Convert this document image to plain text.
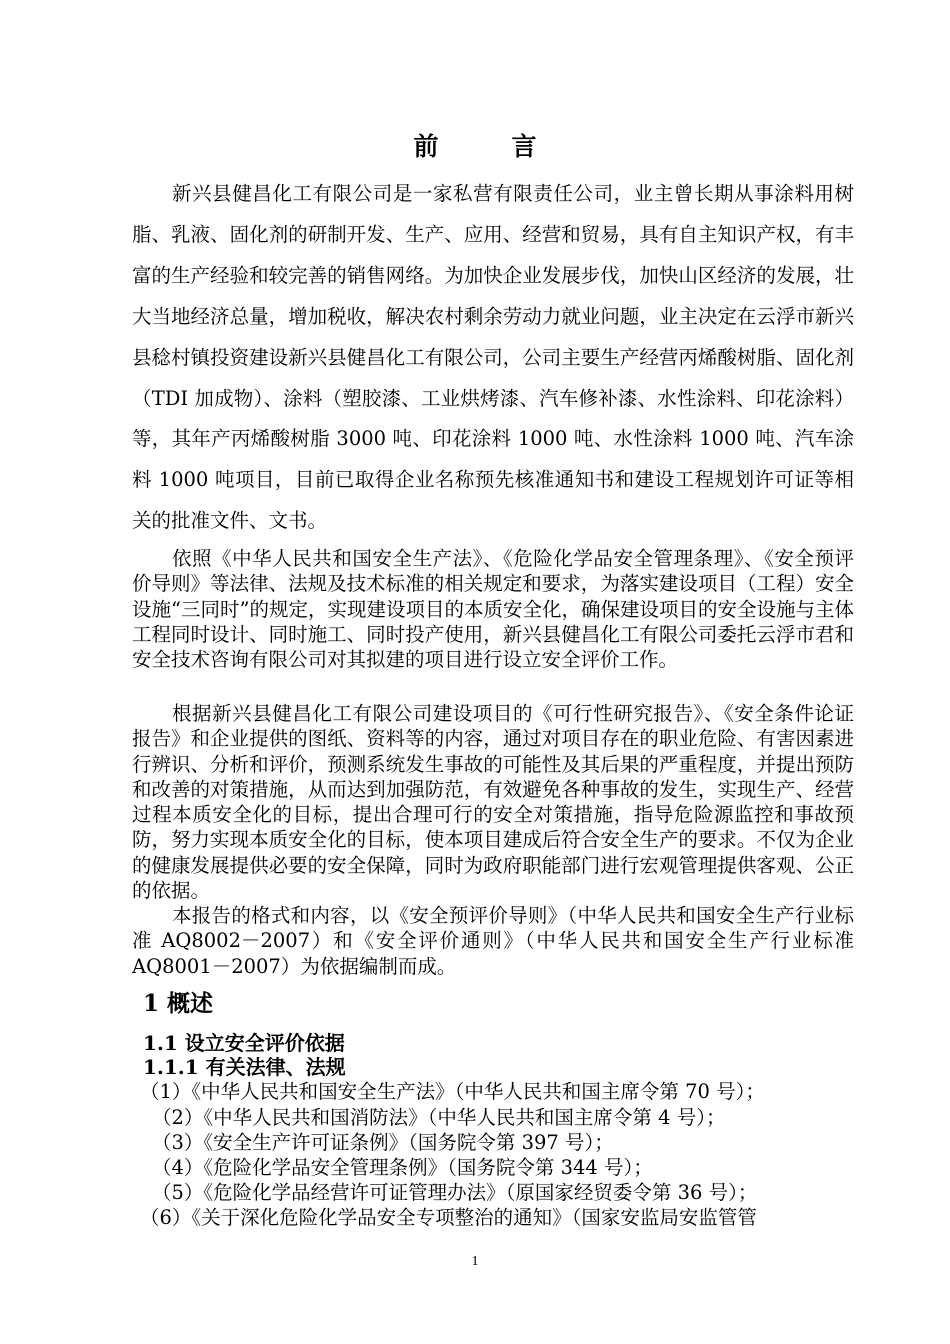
前　言

新兴县健昌化工有限公司是一家私营有限责任公司，业主曾长期从事涂料用树脂、乳液、固化剂的研制开发、生产、应用、经营和贸易，具有自主知识产权，有丰富的生产经验和较完善的销售网络。为加快企业发展步伐，加快山区经济的发展，壮大当地经济总量，增加税收，解决农村剩余劳动力就业问题，业主决定在云浮市新兴县稔村镇投资建设新兴县健昌化工有限公司，公司主要生产经营丙烯酸树脂、固化剂（TDI 加成物）、涂料（塑胶漆、工业烘烤漆、汽车修补漆、水性涂料、印花涂料）等，其年产丙烯酸树脂 3000 吨、印花涂料 1000 吨、水性涂料 1000 吨、汽车涂料 1000 吨项目，目前已取得企业名称预先核准通知书和建设工程规划许可证等相关的批准文件、文书。

依照《中华人民共和国安全生产法》、《危险化学品安全管理条理》、《安全预评价导则》等法律、法规及技术标准的相关规定和要求，为落实建设项目（工程）安全设施“三同时”的规定，实现建设项目的本质安全化，确保建设项目的安全设施与主体工程同时设计、同时施工、同时投产使用，新兴县健昌化工有限公司委托云浮市君和安全技术咨询有限公司对其拟建的项目进行设立安全评价工作。

根据新兴县健昌化工有限公司建设项目的《可行性研究报告》、《安全条件论证报告》和企业提供的图纸、资料等的内容，通过对项目存在的职业危险、有害因素进行辨识、分析和评价，预测系统发生事故的可能性及其后果的严重程度，并提出预防和改善的对策措施，从而达到加强防范，有效避免各种事故的发生，实现生产、经营过程本质安全化的目标，提出合理可行的安全对策措施，指导危险源监控和事故预防，努力实现本质安全化的目标，使本项目建成后符合安全生产的要求。不仅为企业的健康发展提供必要的安全保障，同时为政府职能部门进行宏观管理提供客观、公正的依据。

本报告的格式和内容，以《安全预评价导则》（中华人民共和国安全生产行业标准 AQ8002－2007）和《安全评价通则》（中华人民共和国安全生产行业标准 AQ8001－2007）为依据编制而成。

1 概述
1.1 设立安全评价依据
1.1.1 有关法律、法规
（1）《中华人民共和国安全生产法》（中华人民共和国主席令第 70 号）；
（2）《中华人民共和国消防法》（中华人民共和国主席令第 4 号）；
（3）《安全生产许可证条例》（国务院令第 397 号）；
（4）《危险化学品安全管理条例》（国务院令第 344 号）；
（5）《危险化学品经营许可证管理办法》（原国家经贸委令第 36 号）；
（6）《关于深化危险化学品安全专项整治的通知》（国家安监局安监管管
1
